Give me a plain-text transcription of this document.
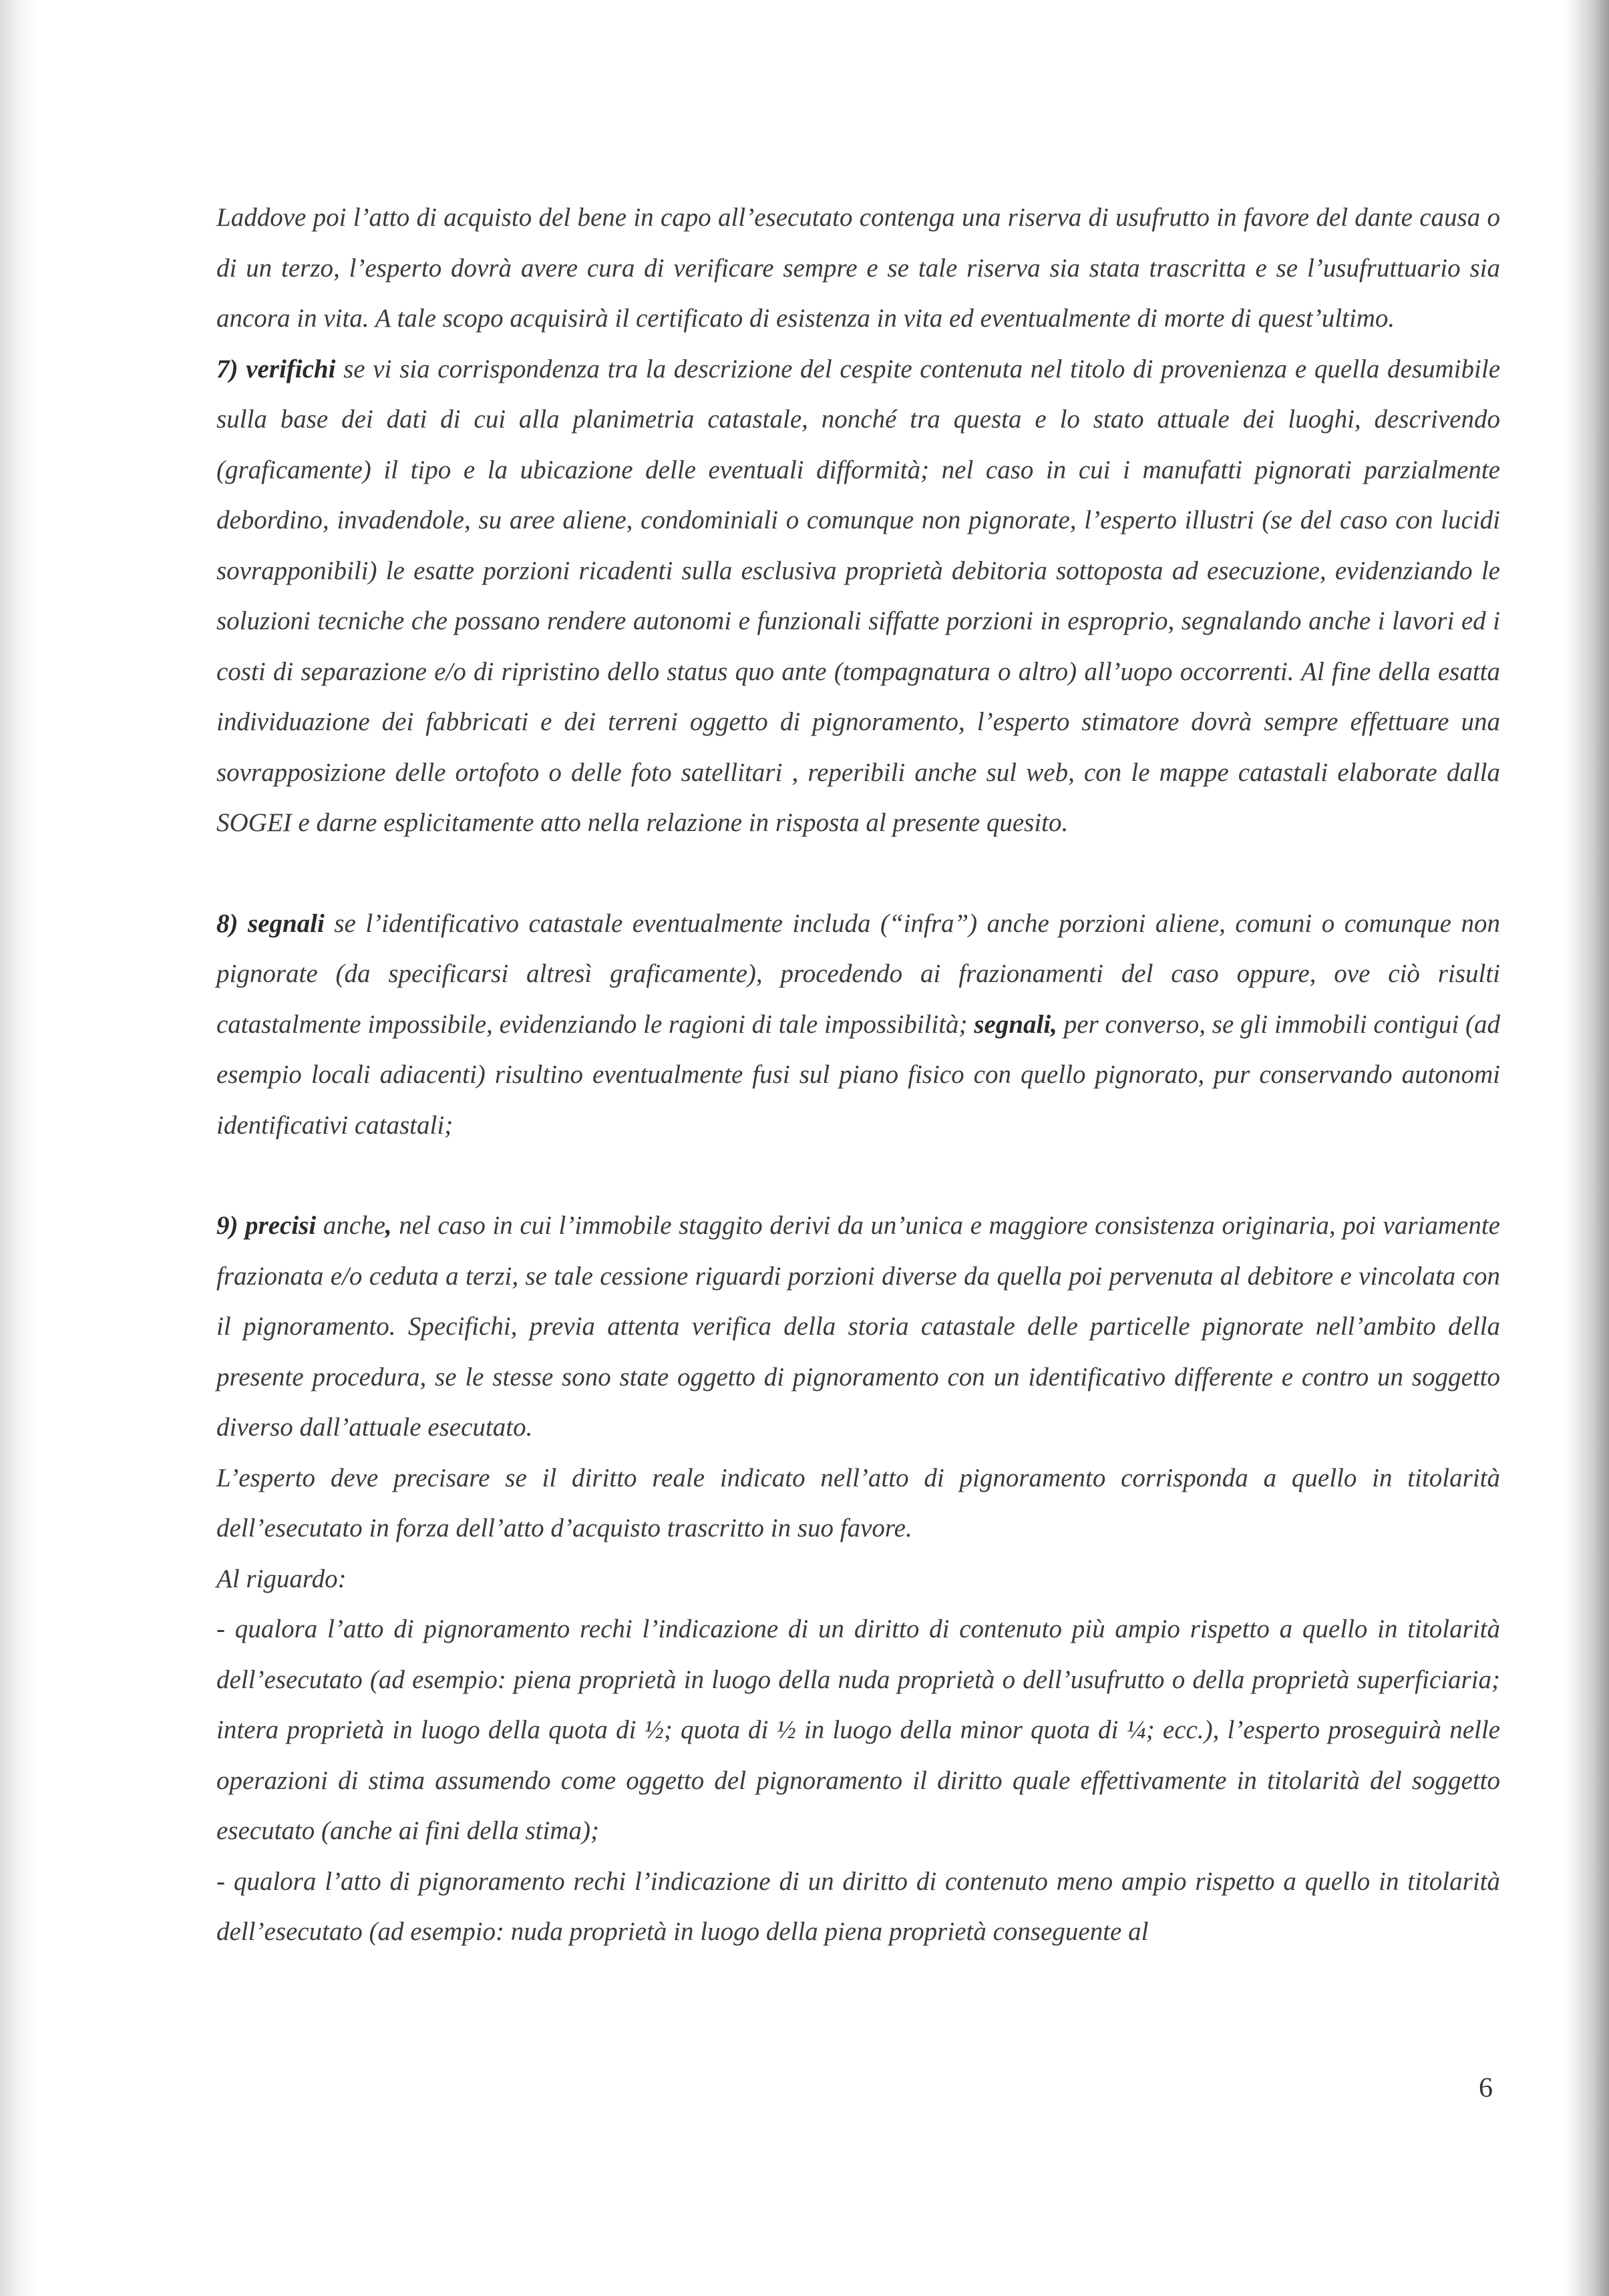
Laddove poi l’atto di acquisto del bene in capo all’esecutato contenga una riserva di usufrutto in favore del dante causa o di un terzo, l’esperto dovrà avere cura di verificare sempre e se tale riserva sia stata trascritta e se l’usufruttuario sia ancora in vita. A tale scopo acquisirà il certificato di esistenza in vita ed eventualmente di morte di quest’ultimo.

7) verifichi se vi sia corrispondenza tra la descrizione del cespite contenuta nel titolo di provenienza e quella desumibile sulla base dei dati di cui alla planimetria catastale, nonché tra questa e lo stato attuale dei luoghi, descrivendo (graficamente) il tipo e la ubicazione delle eventuali difformità; nel caso in cui i manufatti pignorati parzialmente debordino, invadendole, su aree aliene, condominiali o comunque non pignorate, l’esperto illustri (se del caso con lucidi sovrapponibili) le esatte porzioni ricadenti sulla esclusiva proprietà debitoria sottoposta ad esecuzione, evidenziando le soluzioni tecniche che possano rendere autonomi e funzionali siffatte porzioni in esproprio, segnalando anche i lavori ed i costi di separazione e/o di ripristino dello status quo ante (tompagnatura o altro) all’uopo occorrenti. Al fine della esatta individuazione dei fabbricati e dei terreni oggetto di pignoramento, l’esperto stimatore dovrà sempre effettuare una sovrapposizione delle ortofoto o delle foto satellitari , reperibili anche sul web, con le mappe catastali elaborate dalla SOGEI e darne esplicitamente atto nella relazione in risposta al presente quesito.

8) segnali se l’identificativo catastale eventualmente includa (“infra”) anche porzioni aliene, comuni o comunque non pignorate (da specificarsi altresì graficamente), procedendo ai frazionamenti del caso oppure, ove ciò risulti catastalmente impossibile, evidenziando le ragioni di tale impossibilità; segnali, per converso, se gli immobili contigui (ad esempio locali adiacenti) risultino eventualmente fusi sul piano fisico con quello pignorato, pur conservando autonomi identificativi catastali;

9) precisi anche, nel caso in cui l’immobile staggito derivi da un’unica e maggiore consistenza originaria, poi variamente frazionata e/o ceduta a terzi, se tale cessione riguardi porzioni diverse da quella poi pervenuta al debitore e vincolata con il pignoramento. Specifichi, previa attenta verifica della storia catastale delle particelle pignorate nell’ambito della presente procedura, se le stesse sono state oggetto di pignoramento con un identificativo differente e contro un soggetto diverso dall’attuale esecutato.

L’esperto deve precisare se il diritto reale indicato nell’atto di pignoramento corrisponda a quello in titolarità dell’esecutato in forza dell’atto d’acquisto trascritto in suo favore.

Al riguardo:

- qualora l’atto di pignoramento rechi l’indicazione di un diritto di contenuto più ampio rispetto a quello in titolarità dell’esecutato (ad esempio: piena proprietà in luogo della nuda proprietà o dell’usufrutto o della proprietà superficiaria; intera proprietà in luogo della quota di ½; quota di ½ in luogo della minor quota di ¼; ecc.), l’esperto proseguirà nelle operazioni di stima assumendo come oggetto del pignoramento il diritto quale effettivamente in titolarità del soggetto esecutato (anche ai fini della stima);

- qualora l’atto di pignoramento rechi l’indicazione di un diritto di contenuto meno ampio rispetto a quello in titolarità dell’esecutato (ad esempio: nuda proprietà in luogo della piena proprietà conseguente al

6
